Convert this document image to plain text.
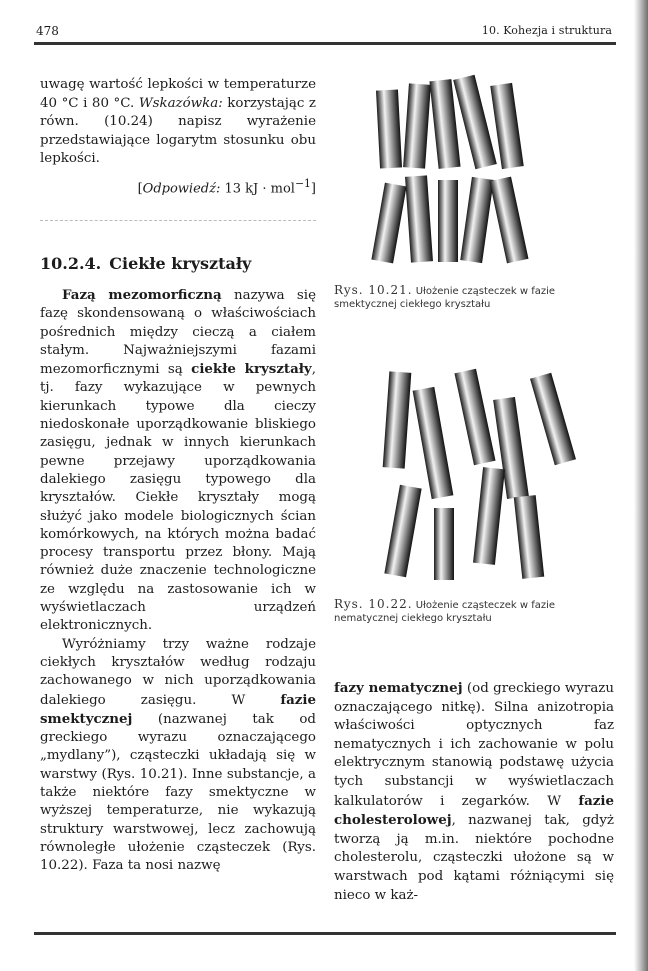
478	10. Kohezja i struktura

uwagę wartość lepkości w temperaturze 40 °C i 80 °C. Wskazówka: korzystając z równ. (10.24) napisz wyrażenie przedstawiające logarytm stosunku obu lepkości.

[Odpowiedź: 13 kJ · mol$^{-1}$]

10.2.4. Ciekłe kryształy

Fazą mezomorficzną nazywa się fazę skondensowaną o właściwościach pośrednich między cieczą a ciałem stałym. Najważniejszymi fazami mezomorficznymi są ciekłe kryształy, tj. fazy wykazujące w pewnych kierunkach typowe dla cieczy niedoskonałe uporządkowanie bliskiego zasięgu, jednak w innych kierunkach pewne przejawy uporządkowania dalekiego zasięgu typowego dla kryształów. Ciekłe kryształy mogą służyć jako modele biologicznych ścian komórkowych, na których można badać procesy transportu przez błony. Mają również duże znaczenie technologiczne ze względu na zastosowanie ich w wyświetlaczach urządzeń elektronicznych.

Wyróżniamy trzy ważne rodzaje ciekłych kryształów według rodzaju zachowanego w nich uporządkowania dalekiego zasięgu. W fazie smektycznej (nazwanej tak od greckiego wyrazu oznaczającego „mydlany”), cząsteczki układają się w warstwy (Rys. 10.21). Inne substancje, a także niektóre fazy smektyczne w wyższej temperaturze, nie wykazują struktury warstwowej, lecz zachowują równoległe ułożenie cząsteczek (Rys. 10.22). Faza ta nosi nazwę

Rys. 10.21. Ułożenie cząsteczek w fazie smektycznej ciekłego kryształu
Rys. 10.22. Ułożenie cząsteczek w fazie nematycznej ciekłego kryształu

fazy nematycznej (od greckiego wyrazu oznaczającego nitkę). Silna anizotropia właściwości optycznych faz nematycznych i ich zachowanie w polu elektrycznym stanowią podstawę użycia tych substancji w wyświetlaczach kalkulatorów i zegarków. W fazie cholesterolowej, nazwanej tak, gdyż tworzą ją m.in. niektóre pochodne cholesterolu, cząsteczki ułożone są w warstwach pod kątami różniącymi się nieco w każ-
